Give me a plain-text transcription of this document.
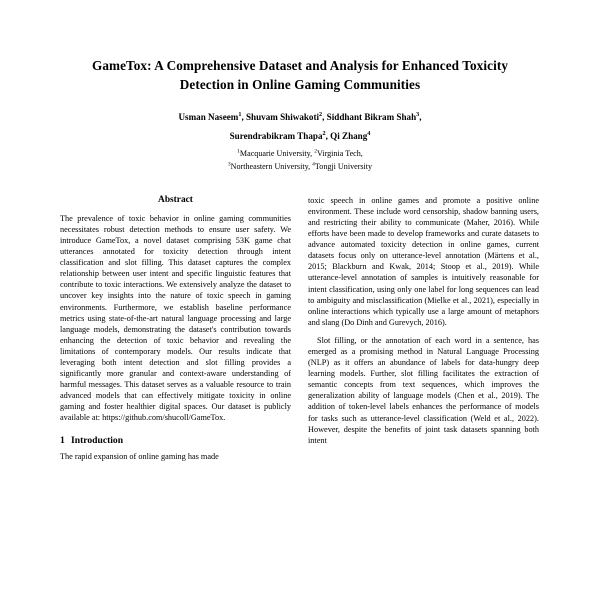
GameTox: A Comprehensive Dataset and Analysis for Enhanced Toxicity Detection in Online Gaming Communities
Usman Naseem$^1$, Shuvam Shiwakoti$^2$, Siddhant Bikram Shah$^3$,
Surendrabikram Thapa$^2$, Qi Zhang$^4$
$^1$Macquarie University, $^2$Virginia Tech,
$^3$Northeastern University, $^4$Tongji University
Abstract

The prevalence of toxic behavior in online gaming communities necessitates robust detection methods to ensure user safety. We introduce GameTox, a novel dataset comprising 53K game chat utterances annotated for toxicity detection through intent classification and slot filling. This dataset captures the complex relationship between user intent and specific linguistic features that contribute to toxic interactions. We extensively analyze the dataset to uncover key insights into the nature of toxic speech in gaming environments. Furthermore, we establish baseline performance metrics using state-of-the-art natural language processing and large language models, demonstrating the dataset's contribution towards enhancing the detection of toxic behavior and revealing the limitations of contemporary models. Our results indicate that leveraging both intent detection and slot filling provides a significantly more granular and context-aware understanding of harmful messages. This dataset serves as a valuable resource to train advanced models that can effectively mitigate toxicity in online gaming and foster healthier digital spaces. Our dataset is publicly available at: https://github.com/shucoll/GameTox.

1 Introduction

The rapid expansion of online gaming has made

toxic speech in online games and promote a positive online environment. These include word censorship, shadow banning users, and restricting their ability to communicate (Maher, 2016). While efforts have been made to develop frameworks and curate datasets to advance automated toxicity detection in online games, current datasets focus only on utterance-level annotation (Märtens et al., 2015; Blackburn and Kwak, 2014; Stoop et al., 2019). While utterance-level annotation of samples is intuitively reasonable for intent classification, using only one label for long sequences can lead to ambiguity and misclassification (Mielke et al., 2021), especially in online interactions which typically use a large amount of metaphors and slang (Do Dinh and Gurevych, 2016).

Slot filling, or the annotation of each word in a sentence, has emerged as a promising method in Natural Language Processing (NLP) as it offers an abundance of labels for data-hungry deep learning models. Further, slot filling facilitates the extraction of semantic concepts from text sequences, which improves the generalization ability of language models (Chen et al., 2019). The addition of token-level labels enhances the performance of models for tasks such as utterance-level classification (Weld et al., 2022). However, despite the benefits of joint task datasets spanning both intent
